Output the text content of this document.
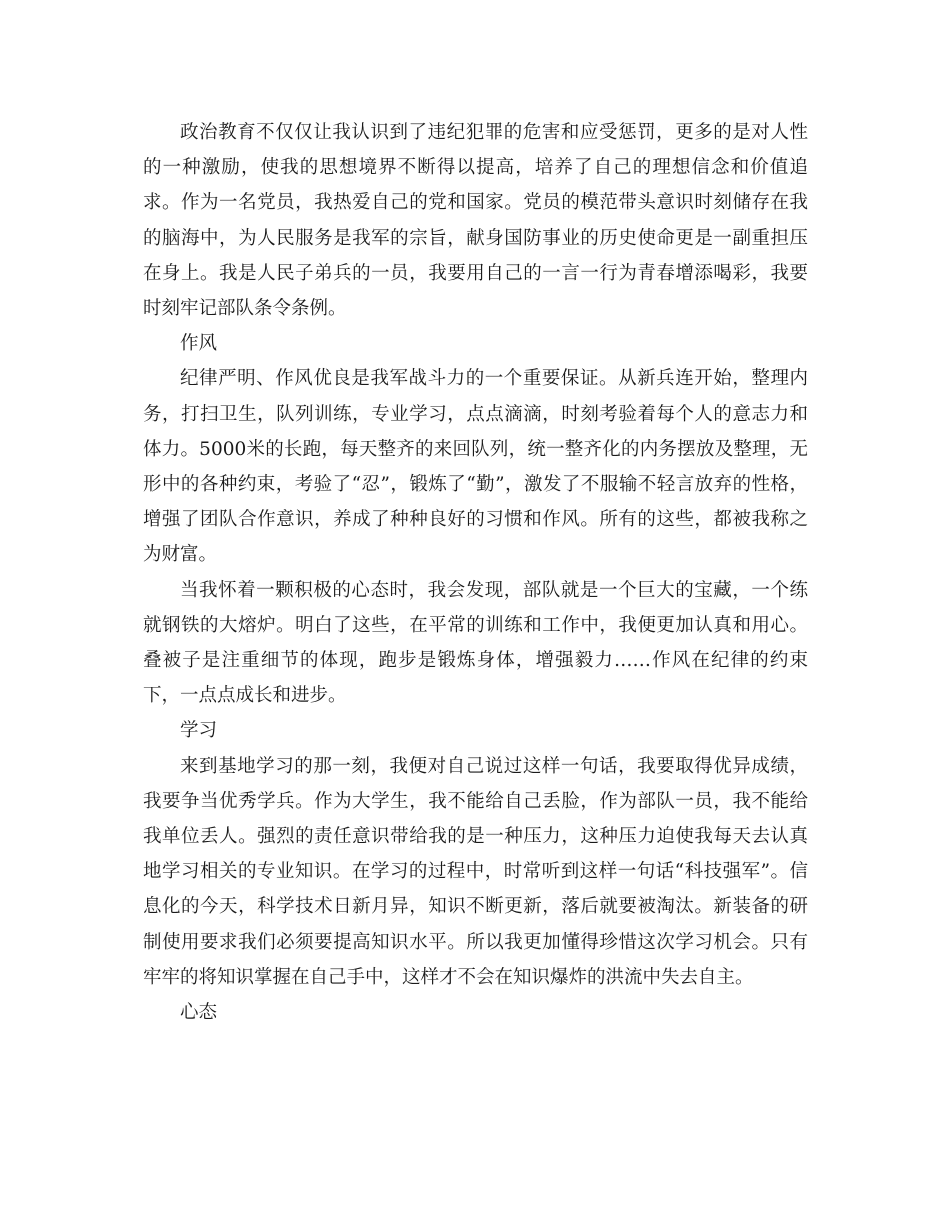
政治教育不仅仅让我认识到了违纪犯罪的危害和应受惩罚，更多的是对人性的一种激励，使我的思想境界不断得以提高，培养了自己的理想信念和价值追求。作为一名党员，我热爱自己的党和国家。党员的模范带头意识时刻储存在我的脑海中，为人民服务是我军的宗旨，献身国防事业的历史使命更是一副重担压在身上。我是人民子弟兵的一员，我要用自己的一言一行为青春增添喝彩，我要时刻牢记部队条令条例。

作风

纪律严明、作风优良是我军战斗力的一个重要保证。从新兵连开始，整理内务，打扫卫生，队列训练，专业学习，点点滴滴，时刻考验着每个人的意志力和体力。5000米的长跑，每天整齐的来回队列，统一整齐化的内务摆放及整理，无形中的各种约束，考验了“忍”，锻炼了“勤”，激发了不服输不轻言放弃的性格，增强了团队合作意识，养成了种种良好的习惯和作风。所有的这些，都被我称之为财富。

当我怀着一颗积极的心态时，我会发现，部队就是一个巨大的宝藏，一个练就钢铁的大熔炉。明白了这些，在平常的训练和工作中，我便更加认真和用心。叠被子是注重细节的体现，跑步是锻炼身体，增强毅力……作风在纪律的约束下，一点点成长和进步。

学习

来到基地学习的那一刻，我便对自己说过这样一句话，我要取得优异成绩，我要争当优秀学兵。作为大学生，我不能给自己丢脸，作为部队一员，我不能给我单位丢人。强烈的责任意识带给我的是一种压力，这种压力迫使我每天去认真地学习相关的专业知识。在学习的过程中，时常听到这样一句话“科技强军”。信息化的今天，科学技术日新月异，知识不断更新，落后就要被淘汰。新装备的研制使用要求我们必须要提高知识水平。所以我更加懂得珍惜这次学习机会。只有牢牢的将知识掌握在自己手中，这样才不会在知识爆炸的洪流中失去自主。

心态
